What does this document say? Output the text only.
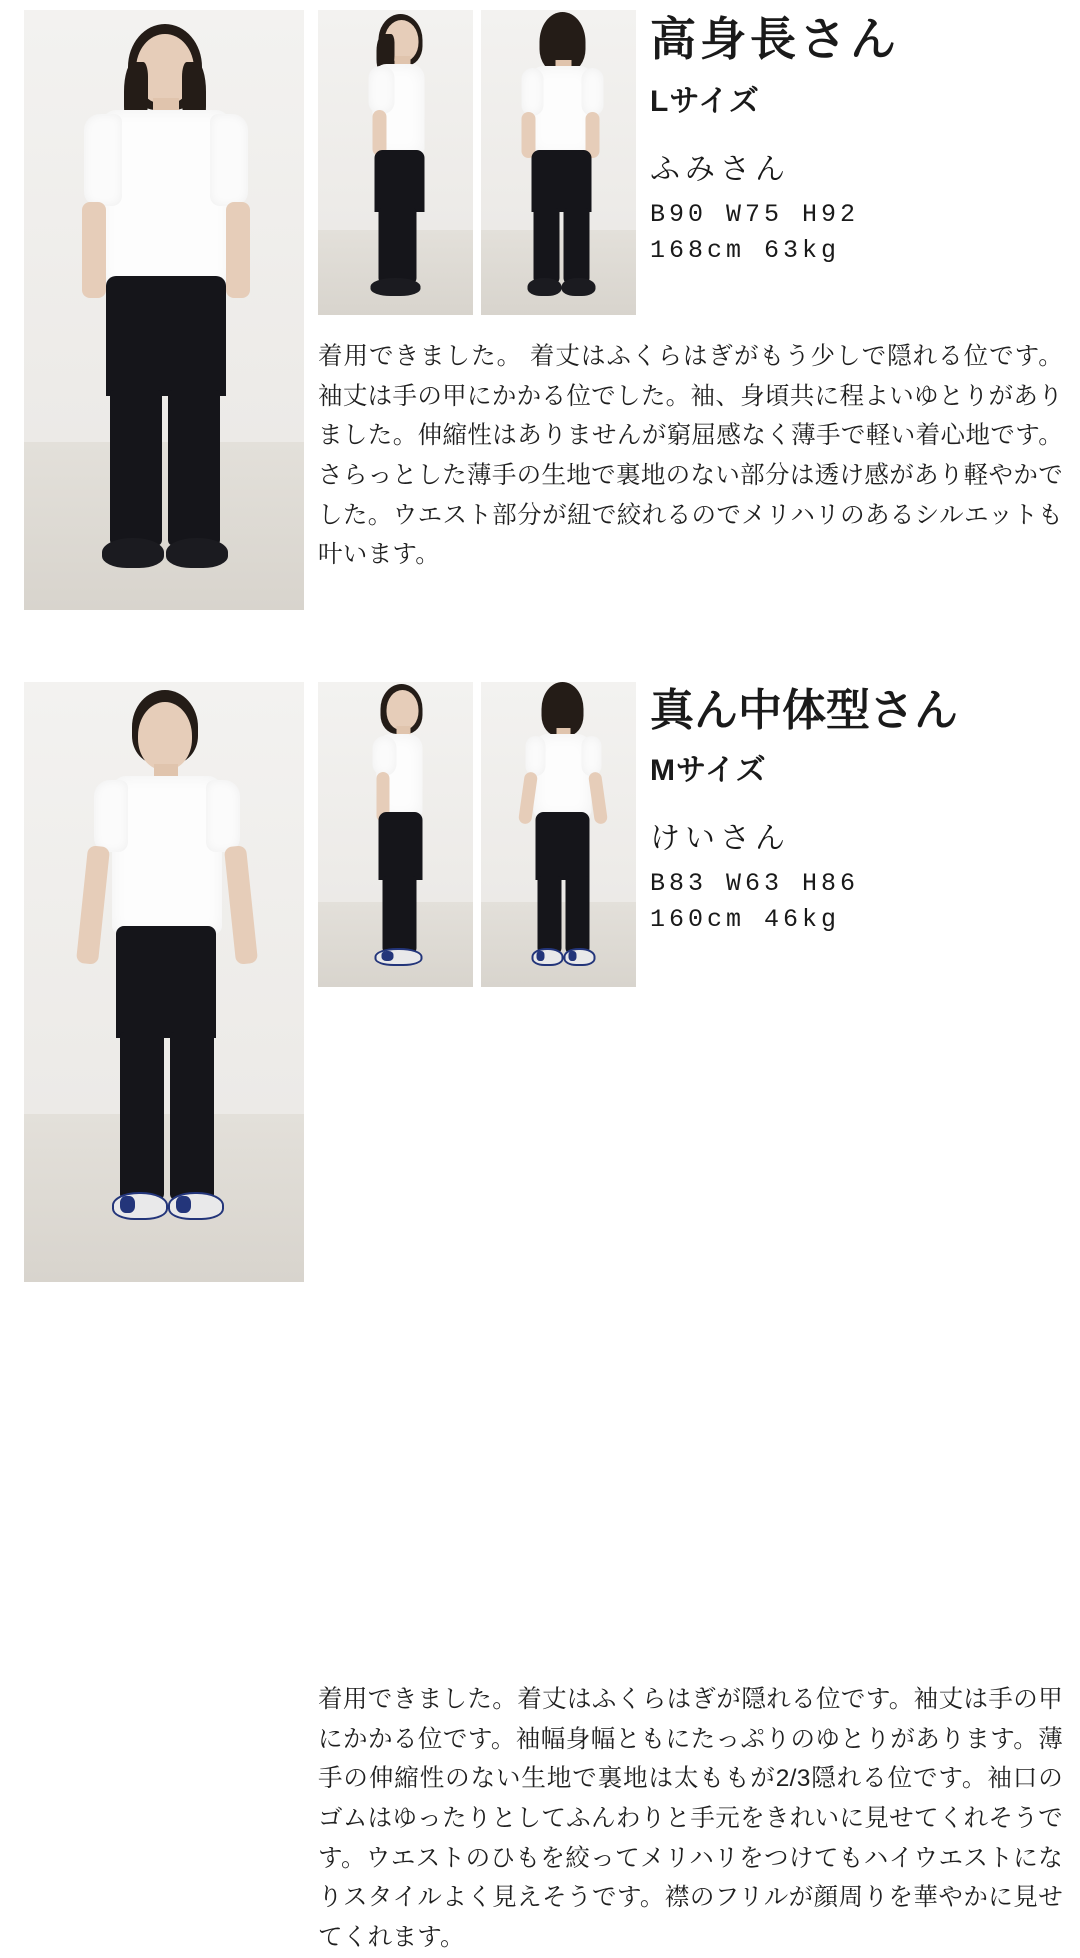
高身長さん
Lサイズ
ふみさん
B90 W75 H92
168cm 63kg
着用できました。 着丈はふくらはぎがもう少しで隠れる位です。袖丈は手の甲にかかる位でした。袖、身頃共に程よいゆとりがありました。伸縮性はありませんが窮屈感なく薄手で軽い着心地です。さらっとした薄手の生地で裏地のない部分は透け感があり軽やかでした。ウエスト部分が紐で絞れるのでメリハリのあるシルエットも叶います。
真ん中体型さん
Mサイズ
けいさん
B83 W63 H86
160cm 46kg
着用できました。着丈はふくらはぎが隠れる位です。袖丈は手の甲にかかる位です。袖幅身幅ともにたっぷりのゆとりがあります。薄手の伸縮性のない生地で裏地は太ももが2/3隠れる位です。袖口のゴムはゆったりとしてふんわりと手元をきれいに見せてくれそうです。ウエストのひもを絞ってメリハリをつけてもハイウエストになりスタイルよく見えそうです。襟のフリルが顔周りを華やかに見せてくれます。
